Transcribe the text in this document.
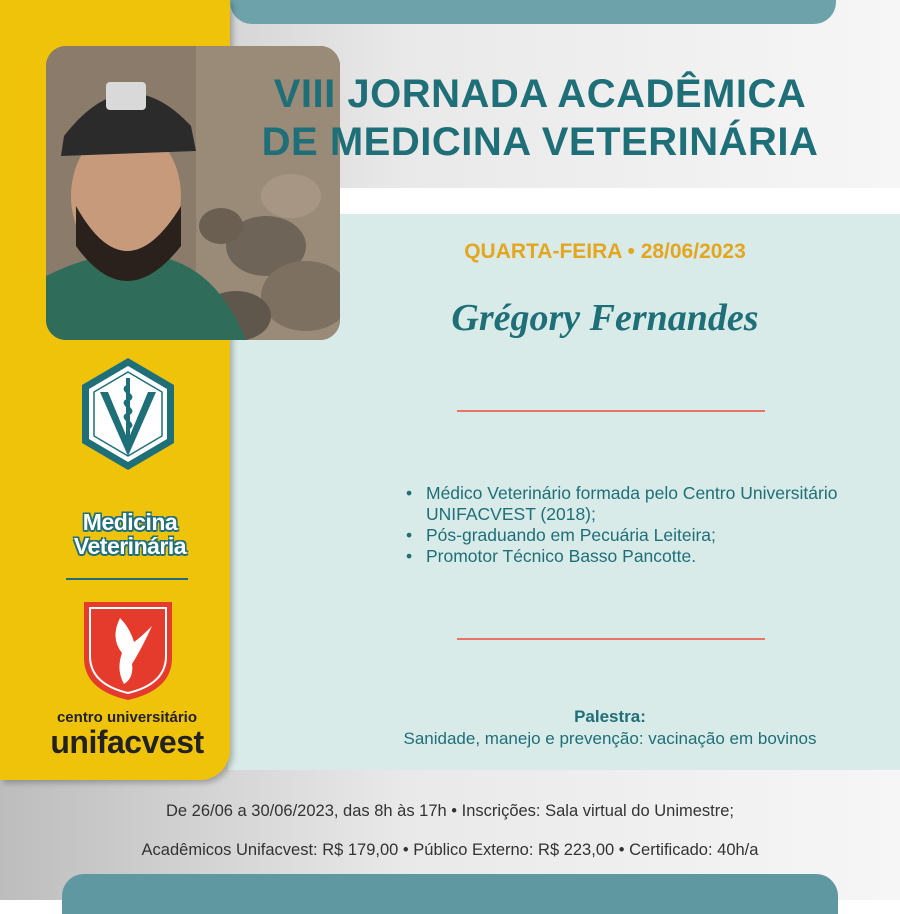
VIII JORNADA ACADÊMICA
DE MEDICINA VETERINÁRIA
QUARTA-FEIRA • 28/06/2023
Grégory Fernandes
• Médico Veterinário formada pelo Centro Universitário UNIFACVEST (2018);
• Pós-graduando em Pecuária Leiteira;
• Promotor Técnico Basso Pancotte.
Palestra:
Sanidade, manejo e prevenção: vacinação em bovinos
Medicina
Veterinária
centro universitário
unifacvest
De 26/06 a 30/06/2023, das 8h às 17h • Inscrições: Sala virtual do Unimestre;
Acadêmicos Unifacvest: R$ 179,00 • Público Externo: R$ 223,00 • Certificado: 40h/a
